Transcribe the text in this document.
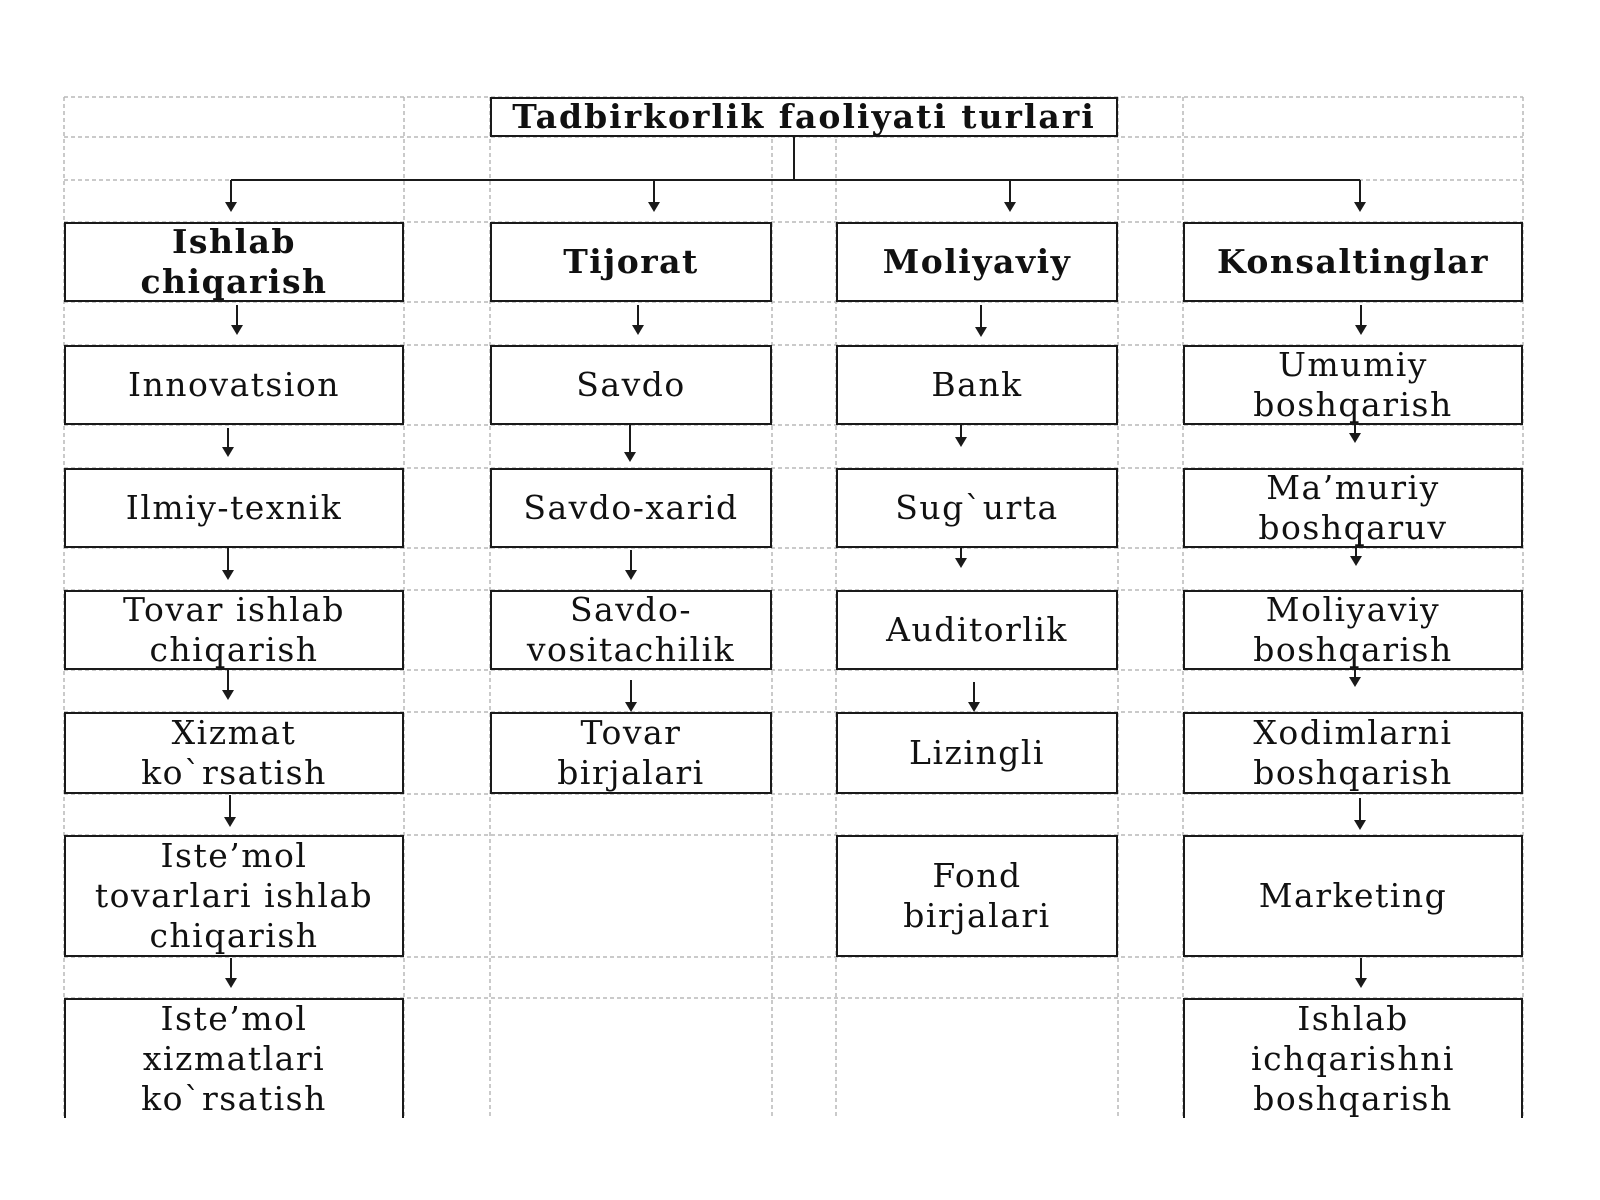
Tadbirkorlik faoliyati turlari
Ishlab
chiqarish
Innovatsion
Ilmiy-texnik
Tovar ishlab
chiqarish
Xizmat
ko`rsatish
Iste’mol
tovarlari ishlab
chiqarish
Iste’mol
xizmatlari
ko`rsatish
Tijorat
Savdo
Savdo-xarid
Savdo-
vositachilik
Tovar
birjalari
Moliyaviy
Bank
Sug`urta
Auditorlik
Lizingli
Fond
birjalari
Konsaltinglar
Umumiy
boshqarish
Ma’muriy
boshqaruv
Moliyaviy
boshqarish
Xodimlarni
boshqarish
Marketing
Ishlab
ichqarishni
boshqarish
